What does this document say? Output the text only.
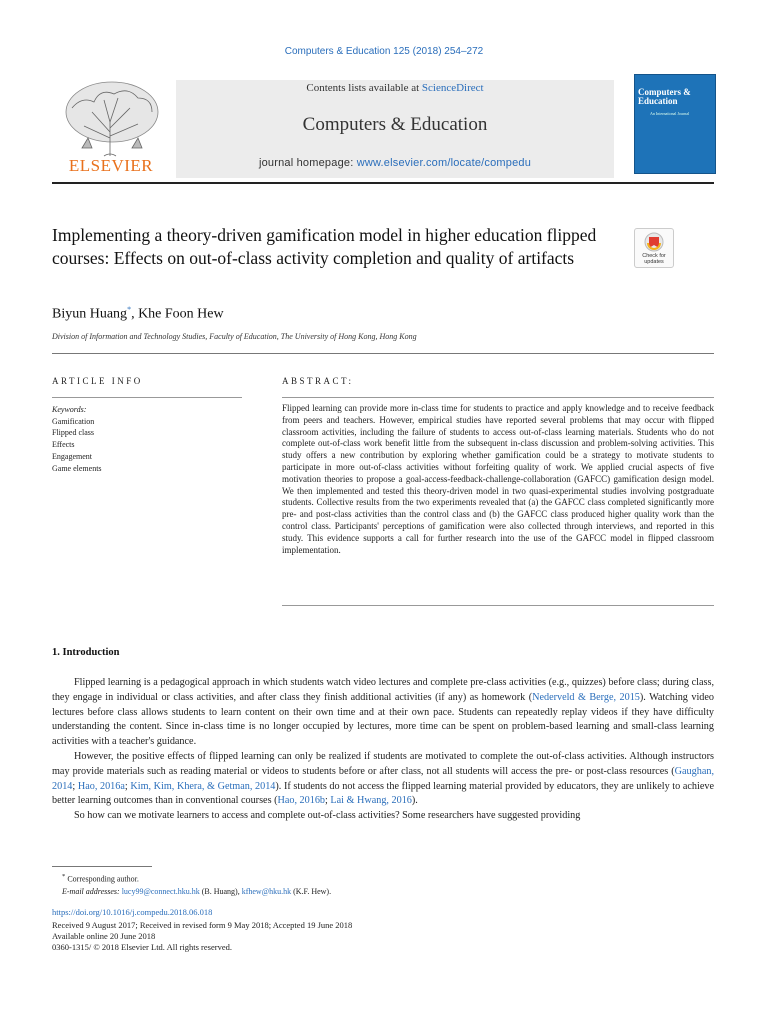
Computers & Education 125 (2018) 254–272
Contents lists available at ScienceDirect
Computers & Education
journal homepage: www.elsevier.com/locate/compedu
ELSEVIER
Computers & Education
An International Journal
Implementing a theory-driven gamification model in higher education flipped courses: Effects on out-of-class activity completion and quality of artifacts	Check for updates
Biyun Huang*, Khe Foon Hew
Division of Information and Technology Studies, Faculty of Education, The University of Hong Kong, Hong Kong
ARTICLE INFO	ABSTRACT:
Keywords:
Gamification
Flipped class
Effects
Engagement
Game elements
Flipped learning can provide more in-class time for students to practice and apply knowledge and to receive feedback from peers and teachers. However, empirical studies have reported several problems that may occur with flipped classroom activities, including the failure of students to access out-of-class learning materials. Students who do not complete out-of-class work benefit little from the subsequent in-class discussion and problem-solving activities. This study offers a new contribution by exploring whether gamification could be a strategy to motivate students to participate in more out-of-class activities without forfeiting quality of work. We applied crucial aspects of five motivation theories to propose a goal-access-feedback-challenge-collaboration (GAFCC) gamification design model. We then implemented and tested this theory-driven model in two quasi-experimental studies involving postgraduate students. Collective results from the two experiments revealed that (a) the GAFCC class completed significantly more pre- and post-class activities than the control class and (b) the GAFCC class produced higher quality work than the control class. Participants' perceptions of gamification were also collected through interviews, and reported in this study. This evidence supports a call for further research into the use of the GAFCC model in flipped classroom implementation.
1. Introduction

Flipped learning is a pedagogical approach in which students watch video lectures and complete pre-class activities (e.g., quizzes) before class; during class, they engage in individual or class activities, and after class they finish additional activities (if any) as homework (Nederveld & Berge, 2015). Watching video lectures before class allows students to learn content on their own time and at their own pace. Students can repeatedly replay videos if they have difficulty understanding the content. Since in-class time is no longer occupied by lectures, more time can be spent on problem-based learning and small-class learning activities with a teacher's guidance.

However, the positive effects of flipped learning can only be realized if students are motivated to complete the out-of-class activities. Although instructors may provide materials such as reading material or videos to students before or after class, not all students will access the pre- or post-class resources (Gaughan, 2014; Hao, 2016a; Kim, Kim, Khera, & Getman, 2014). If students do not access the flipped learning material provided by educators, they are unlikely to achieve better learning outcomes than in conventional courses (Hao, 2016b; Lai & Hwang, 2016).

So how can we motivate learners to access and complete out-of-class activities? Some researchers have suggested providing

* Corresponding author.
E-mail addresses: lucy99@connect.hku.hk (B. Huang), kfhew@hku.hk (K.F. Hew).
https://doi.org/10.1016/j.compedu.2018.06.018
Received 9 August 2017; Received in revised form 9 May 2018; Accepted 19 June 2018
Available online 20 June 2018
0360-1315/ © 2018 Elsevier Ltd. All rights reserved.
